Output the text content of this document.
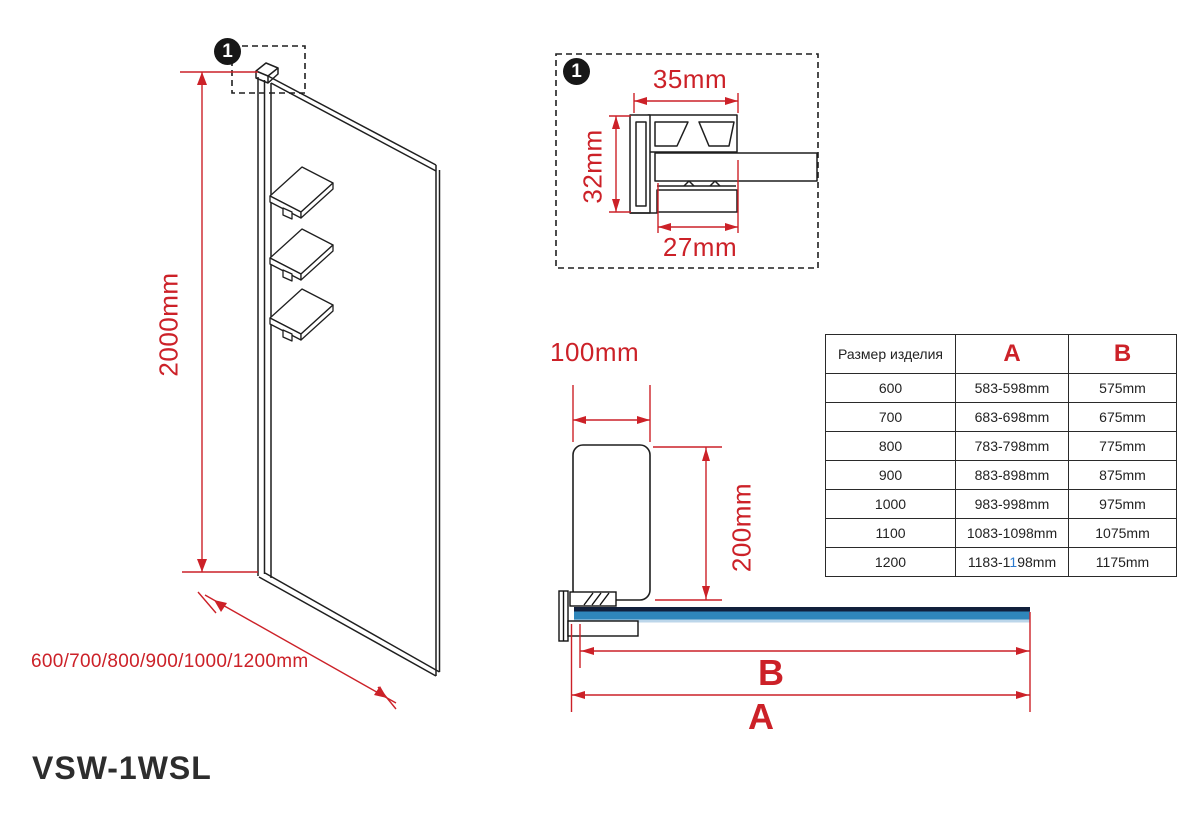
1
1
2000mm
600/700/800/900/1000/1200mm
35mm
32mm
27mm
100mm
200mm
B
A
VSW-1WSL
Размер изделия	A	B
600	583-598mm	575mm
700	683-698mm	675mm
800	783-798mm	775mm
900	883-898mm	875mm
1000	983-998mm	975mm
1100	1083-1098mm	1075mm
1200	1183-1198mm	1175mm
